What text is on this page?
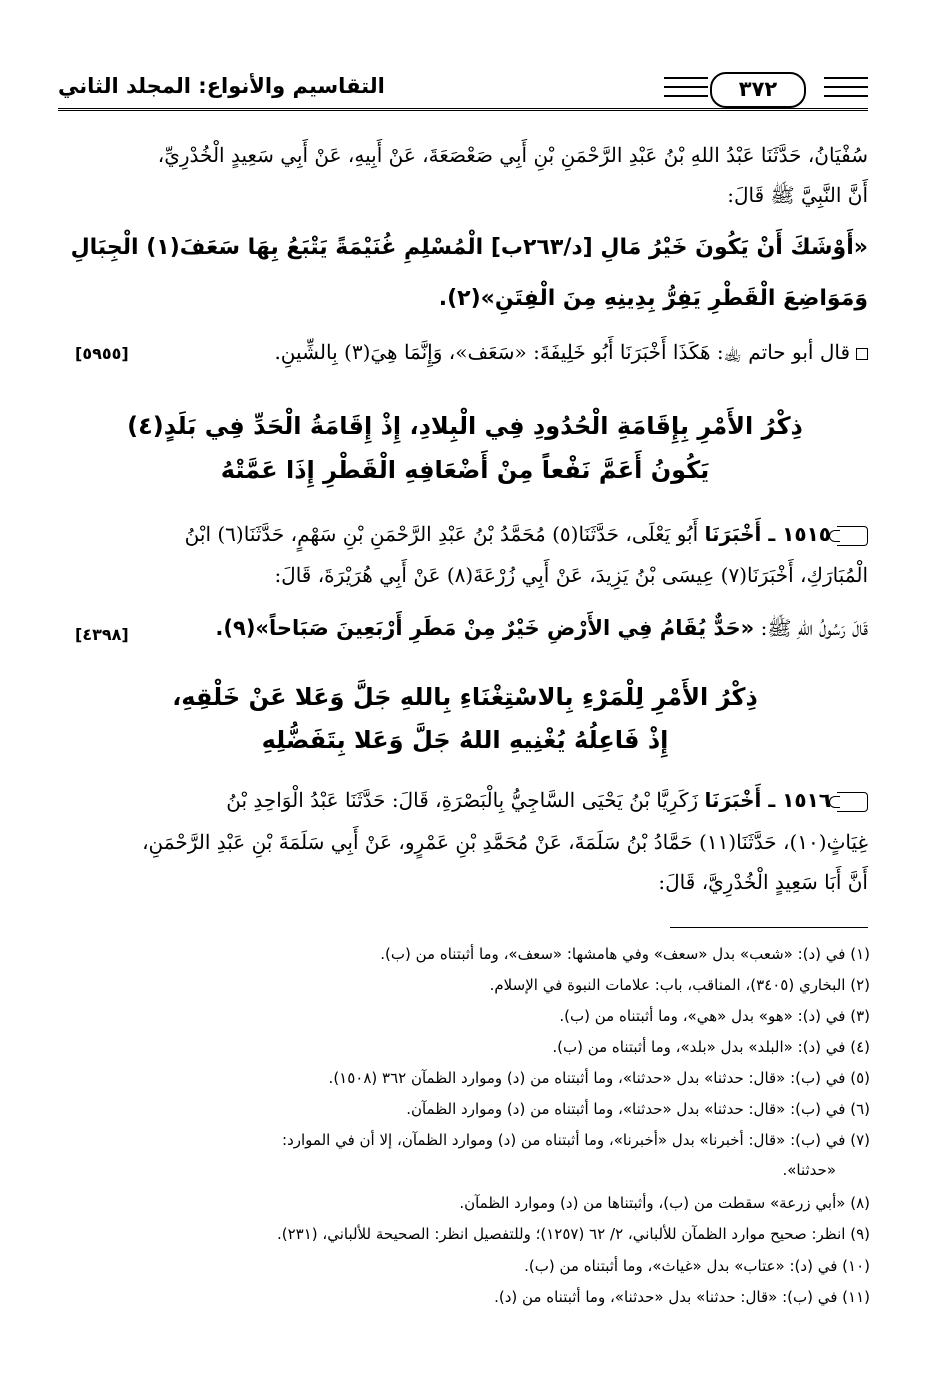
التقاسيم والأنواع: المجلد الثاني	٣٧٢
سُفْيَانُ، حَدَّثَنَا عَبْدُ اللهِ بْنُ عَبْدِ الرَّحْمَنِ بْنِ أَبِي صَعْصَعَةَ، عَنْ أَبِيهِ، عَنْ أَبِي سَعِيدٍ الْخُدْرِيِّ،
أَنَّ النَّبِيَّ ﷺ قَالَ:
«أَوْشَكَ أَنْ يَكُونَ خَيْرُ مَالِ [د/٢٦٣ب] الْمُسْلِمِ غُنَيْمَةً يَتْبَعُ بِهَا سَعَفَ(١) الْجِبَالِ
وَمَوَاضِعَ الْقَطْرِ يَفِرُّ بِدِينِهِ مِنَ الْفِتَنِ»(٢).
قال أبو حاتم ﵀: هَكَذَا أَخْبَرَنَا أَبُو خَلِيفَةَ: «سَعَف»، وَإِنَّمَا هِيَ(٣) بِالشِّينِ.
[٥٩٥٥]
ذِكْرُ الأَمْرِ بِإِقَامَةِ الْحُدُودِ فِي الْبِلادِ، إِذْ إِقَامَةُ الْحَدِّ فِي بَلَدٍ(٤)
يَكُونُ أَعَمَّ نَفْعاً مِنْ أَضْعَافِهِ الْقَطْرِ إِذَا عَمَّتْهُ
١٥١٥ ـ أَخْبَرَنَا أَبُو يَعْلَى، حَدَّثَنَا(٥) مُحَمَّدُ بْنُ عَبْدِ الرَّحْمَنِ بْنِ سَهْمٍ، حَدَّثَنَا(٦) ابْنُ
الْمُبَارَكِ، أَخْبَرَنَا(٧) عِيسَى بْنُ يَزِيدَ، عَنْ أَبِي زُرْعَةَ(٨) عَنْ أَبِي هُرَيْرَةَ، قَالَ:
قَالَ رَسُولُ اللهِ ﷺ: «حَدٌّ يُقَامُ فِي الأَرْضِ خَيْرٌ مِنْ مَطَرِ أَرْبَعِينَ صَبَاحاً»(٩).
[٤٣٩٨]
ذِكْرُ الأَمْرِ لِلْمَرْءِ بِالاسْتِغْنَاءِ بِاللهِ جَلَّ وَعَلا عَنْ خَلْقِهِ،
إِذْ فَاعِلُهُ يُغْنِيهِ اللهُ جَلَّ وَعَلا بِتَفَضُّلِهِ
١٥١٦ ـ أَخْبَرَنَا زَكَرِيَّا بْنُ يَحْيَى السَّاجِيُّ بِالْبَصْرَةِ، قَالَ: حَدَّثَنَا عَبْدُ الْوَاحِدِ بْنُ
غِيَاثٍ(١٠)، حَدَّثَنَا(١١) حَمَّادُ بْنُ سَلَمَةَ، عَنْ مُحَمَّدِ بْنِ عَمْرٍو، عَنْ أَبِي سَلَمَةَ بْنِ عَبْدِ الرَّحْمَنِ،
أَنَّ أَبَا سَعِيدٍ الْخُدْرِيَّ، قَالَ:
(١) في (د): «شعب» بدل «سعف» وفي هامشها: «سعف»، وما أثبتناه من (ب).
(٢) البخاري (٣٤٠٥)، المناقب، باب: علامات النبوة في الإسلام.
(٣) في (د): «هو» بدل «هي»، وما أثبتناه من (ب).
(٤) في (د): «البلد» بدل «بلد»، وما أثبتناه من (ب).
(٥) في (ب): «قال: حدثنا» بدل «حدثنا»، وما أثبتناه من (د) وموارد الظمآن ٣٦٢ (١٥٠٨).
(٦) في (ب): «قال: حدثنا» بدل «حدثنا»، وما أثبتناه من (د) وموارد الظمآن.
(٧) في (ب): «قال: أخبرنا» بدل «أخبرنا»، وما أثبتناه من (د) وموارد الظمآن، إلا أن في الموارد:
«حدثنا».
(٨) «أبي زرعة» سقطت من (ب)، وأثبتناها من (د) وموارد الظمآن.
(٩) انظر: صحيح موارد الظمآن للألباني، ٢/ ٦٢ (١٢٥٧)؛ وللتفصيل انظر: الصحيحة للألباني، (٢٣١).
(١٠) في (د): «عتاب» بدل «غياث»، وما أثبتناه من (ب).
(١١) في (ب): «قال: حدثنا» بدل «حدثنا»، وما أثبتناه من (د).
